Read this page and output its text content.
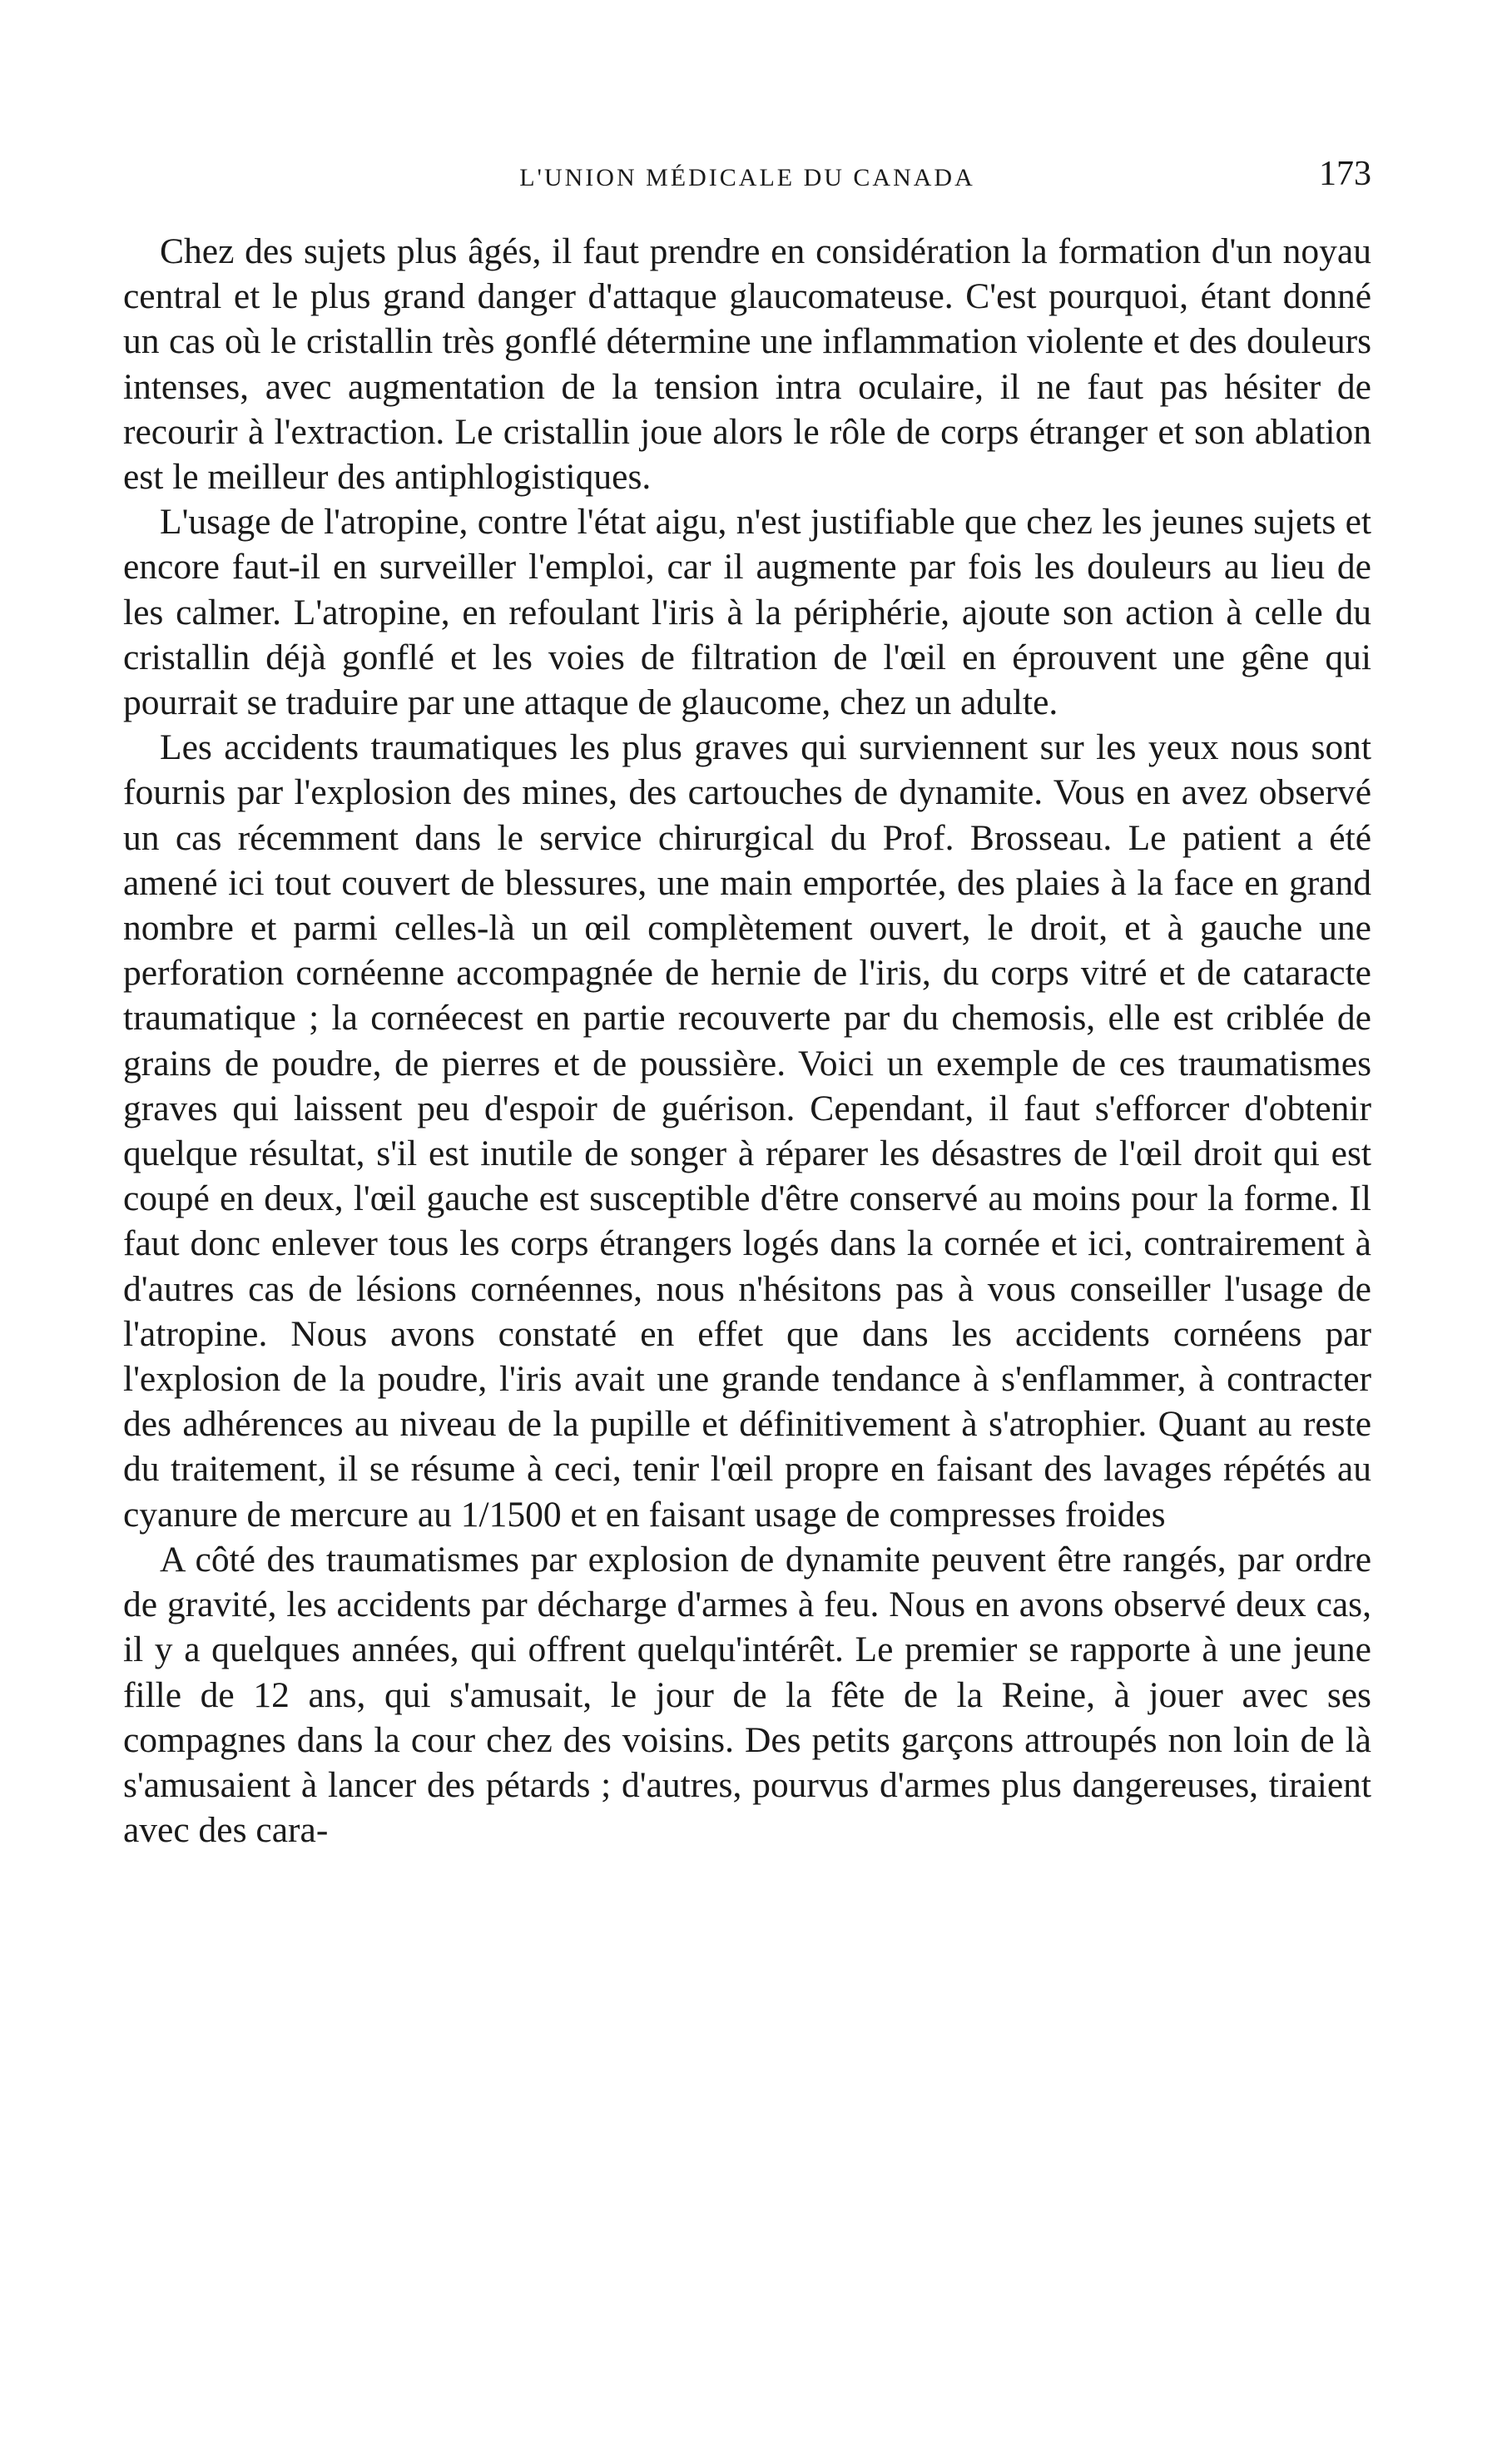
L'UNION MÉDICALE DU CANADA	173

Chez des sujets plus âgés, il faut prendre en considération la formation d'un noyau central et le plus grand danger d'attaque glaucomateuse. C'est pourquoi, étant donné un cas où le cristallin très gonflé détermine une inflammation violente et des douleurs intenses, avec augmentation de la tension intra oculaire, il ne faut pas hésiter de recourir à l'extraction. Le cristallin joue alors le rôle de corps étranger et son ablation est le meilleur des antiphlogistiques.

L'usage de l'atropine, contre l'état aigu, n'est justifiable que chez les jeunes sujets et encore faut-il en surveiller l'emploi, car il augmente par fois les douleurs au lieu de les calmer. L'atropine, en refoulant l'iris à la périphérie, ajoute son action à celle du cristallin déjà gonflé et les voies de filtration de l'œil en éprouvent une gêne qui pourrait se traduire par une attaque de glaucome, chez un adulte.

Les accidents traumatiques les plus graves qui surviennent sur les yeux nous sont fournis par l'explosion des mines, des cartouches de dynamite. Vous en avez observé un cas récemment dans le service chirurgical du Prof. Brosseau. Le patient a été amené ici tout couvert de blessures, une main emportée, des plaies à la face en grand nombre et parmi celles-là un œil complètement ouvert, le droit, et à gauche une perforation cornéenne accompagnée de hernie de l'iris, du corps vitré et de cataracte traumatique ; la cornéecest en partie recouverte par du chemosis, elle est criblée de grains de poudre, de pierres et de poussière. Voici un exemple de ces traumatismes graves qui laissent peu d'espoir de guérison. Cependant, il faut s'efforcer d'obtenir quelque résultat, s'il est inutile de songer à réparer les désastres de l'œil droit qui est coupé en deux, l'œil gauche est susceptible d'être conservé au moins pour la forme. Il faut donc enlever tous les corps étrangers logés dans la cornée et ici, contrairement à d'autres cas de lésions cornéennes, nous n'hésitons pas à vous conseiller l'usage de l'atropine. Nous avons constaté en effet que dans les accidents cornéens par l'explosion de la poudre, l'iris avait une grande tendance à s'enflammer, à contracter des adhérences au niveau de la pupille et définitivement à s'atrophier. Quant au reste du traitement, il se résume à ceci, tenir l'œil propre en faisant des lavages répétés au cyanure de mercure au 1/1500 et en faisant usage de compresses froides

A côté des traumatismes par explosion de dynamite peuvent être rangés, par ordre de gravité, les accidents par décharge d'armes à feu. Nous en avons observé deux cas, il y a quelques années, qui offrent quelqu'intérêt. Le premier se rapporte à une jeune fille de 12 ans, qui s'amusait, le jour de la fête de la Reine, à jouer avec ses compagnes dans la cour chez des voisins. Des petits garçons attroupés non loin de là s'amusaient à lancer des pétards ; d'autres, pourvus d'armes plus dangereuses, tiraient avec des cara-
